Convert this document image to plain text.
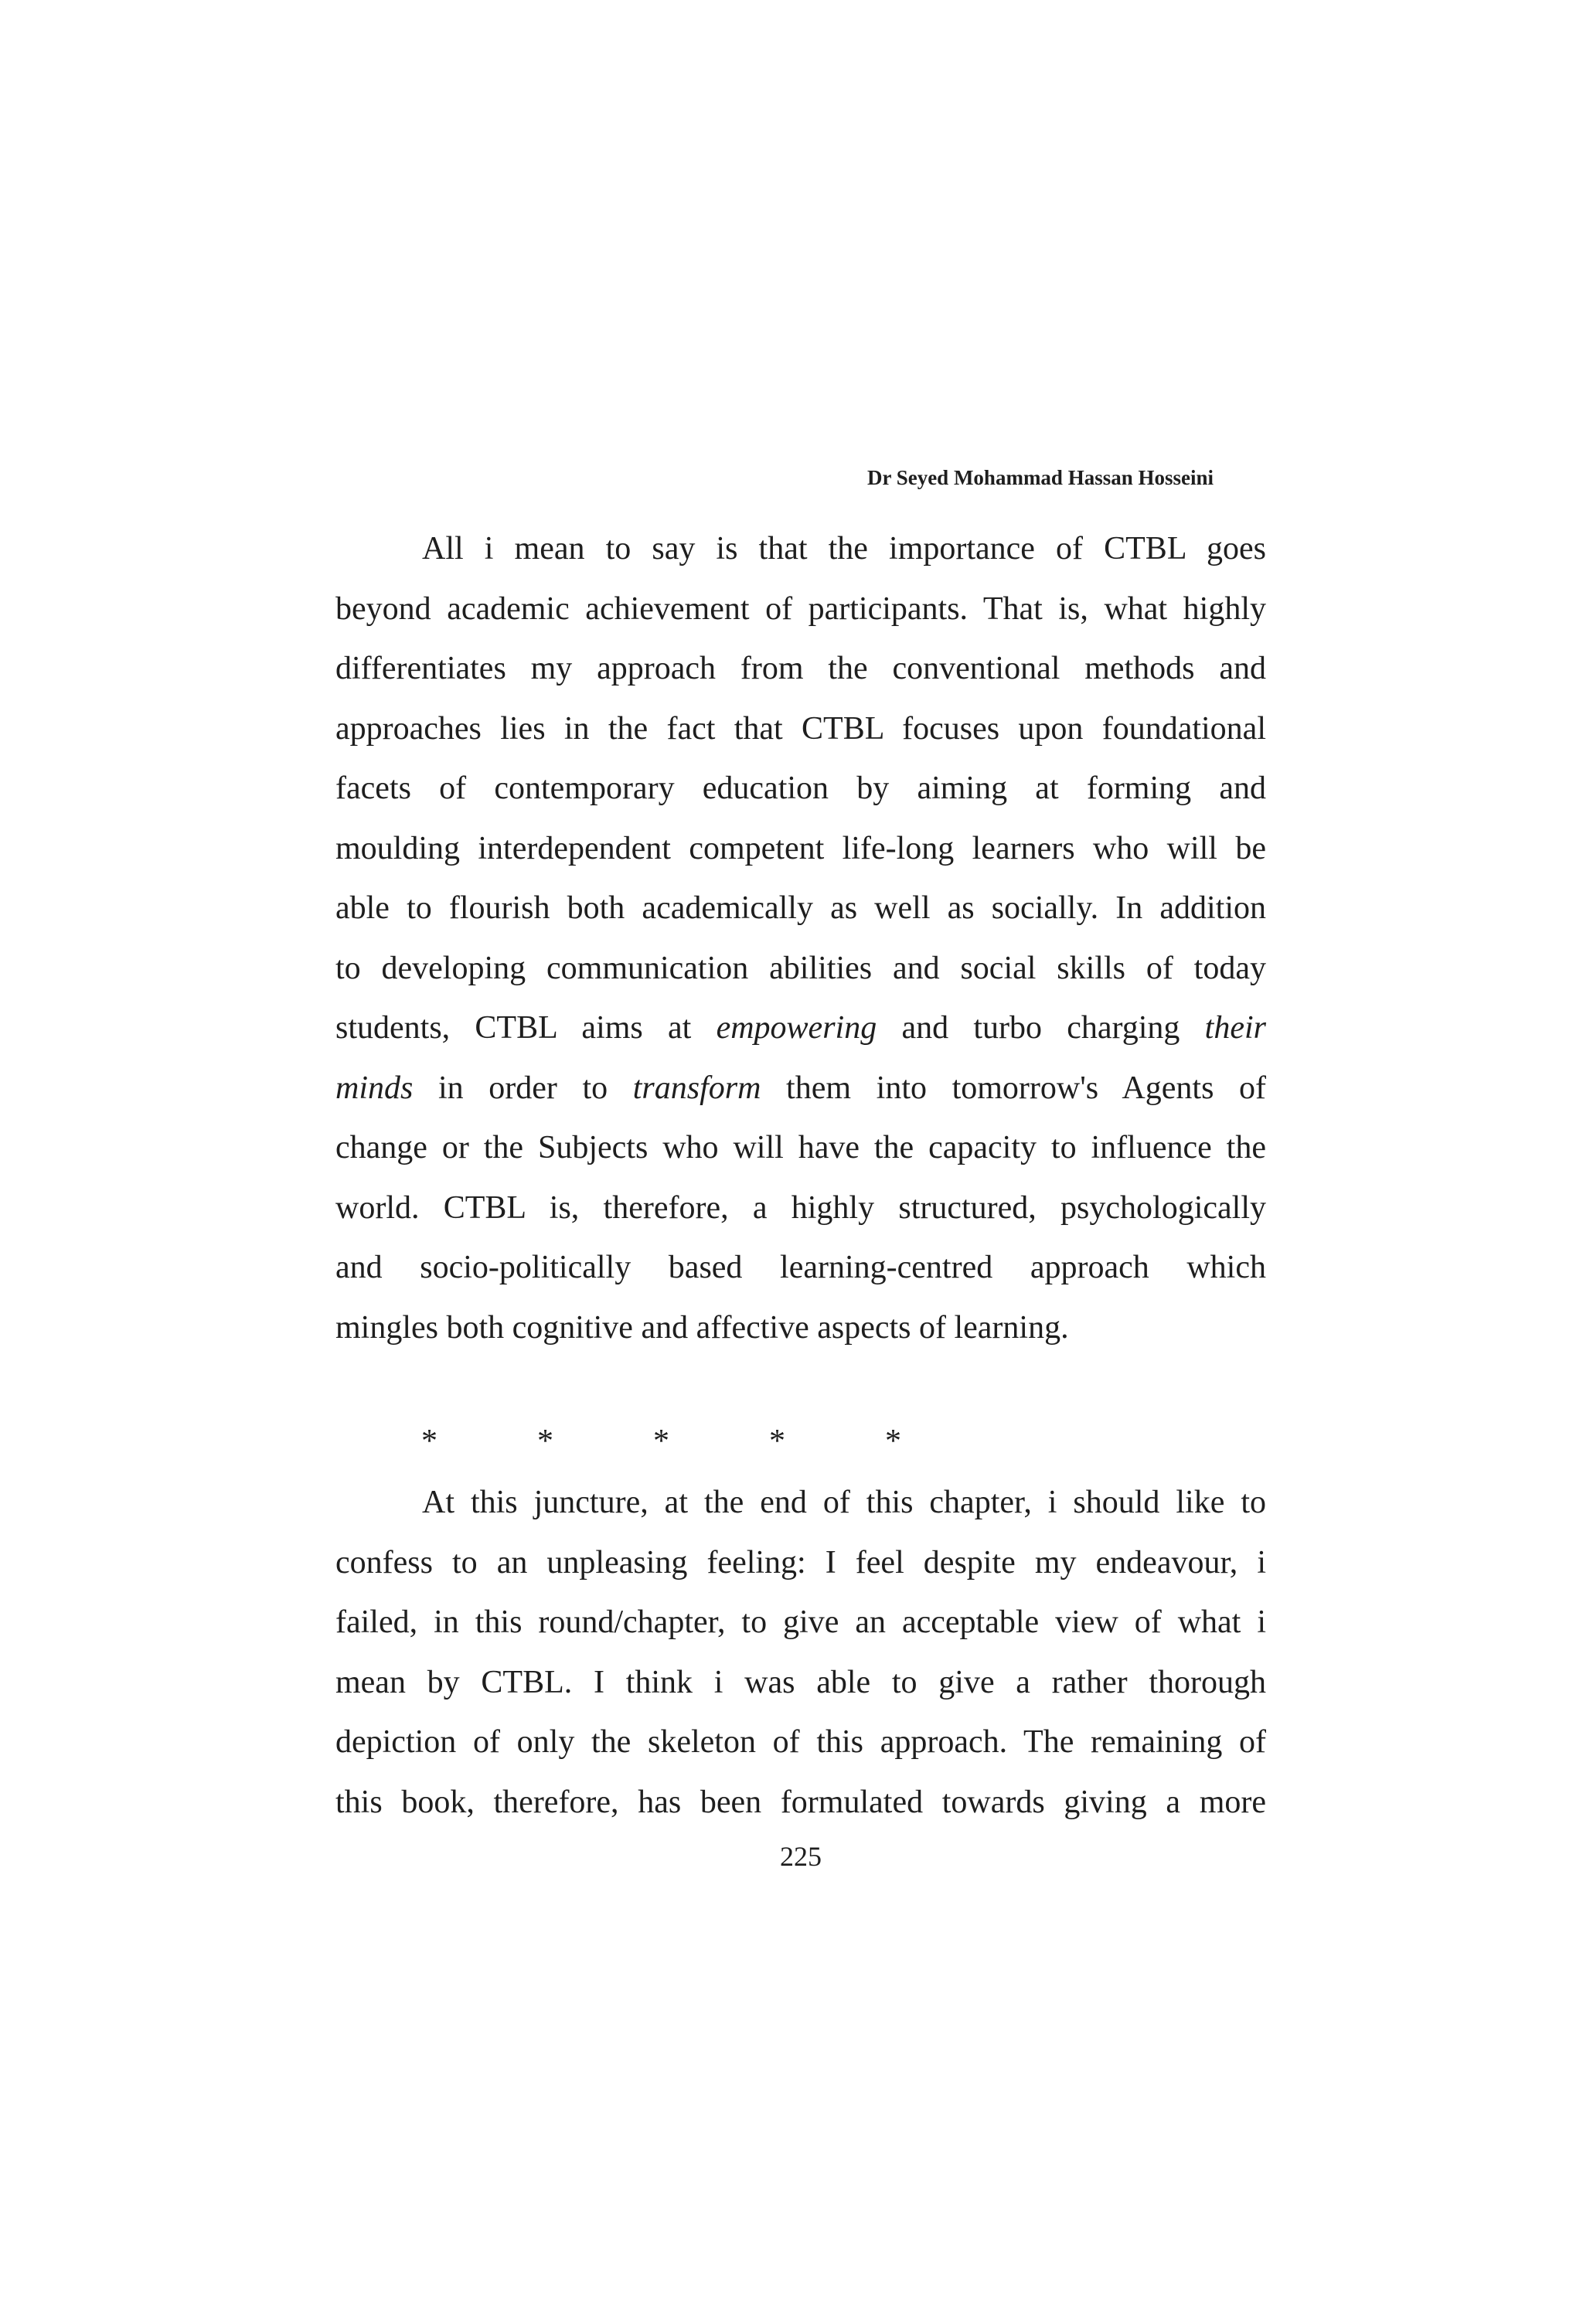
Dr Seyed Mohammad Hassan Hosseini
All i mean to say is that the importance of CTBL goes
beyond academic achievement of participants. That is, what highly
differentiates my approach from the conventional methods and
approaches lies in the fact that CTBL focuses upon foundational
facets of contemporary education by aiming at forming and
moulding interdependent competent life-long learners who will be
able to flourish both academically as well as socially. In addition
to developing communication abilities and social skills of today
students, CTBL aims at empowering and turbo charging their
minds in order to transform them into tomorrow's Agents of
change or the Subjects who will have the capacity to influence the
world. CTBL is, therefore, a highly structured, psychologically
and socio-politically based learning-centred approach which
mingles both cognitive and affective aspects of learning.
*	*	*	*	*
At this juncture, at the end of this chapter, i should like to
confess to an unpleasing feeling: I feel despite my endeavour, i
failed, in this round/chapter, to give an acceptable view of what i
mean by CTBL. I think i was able to give a rather thorough
depiction of only the skeleton of this approach. The remaining of
this book, therefore, has been formulated towards giving a more
225
